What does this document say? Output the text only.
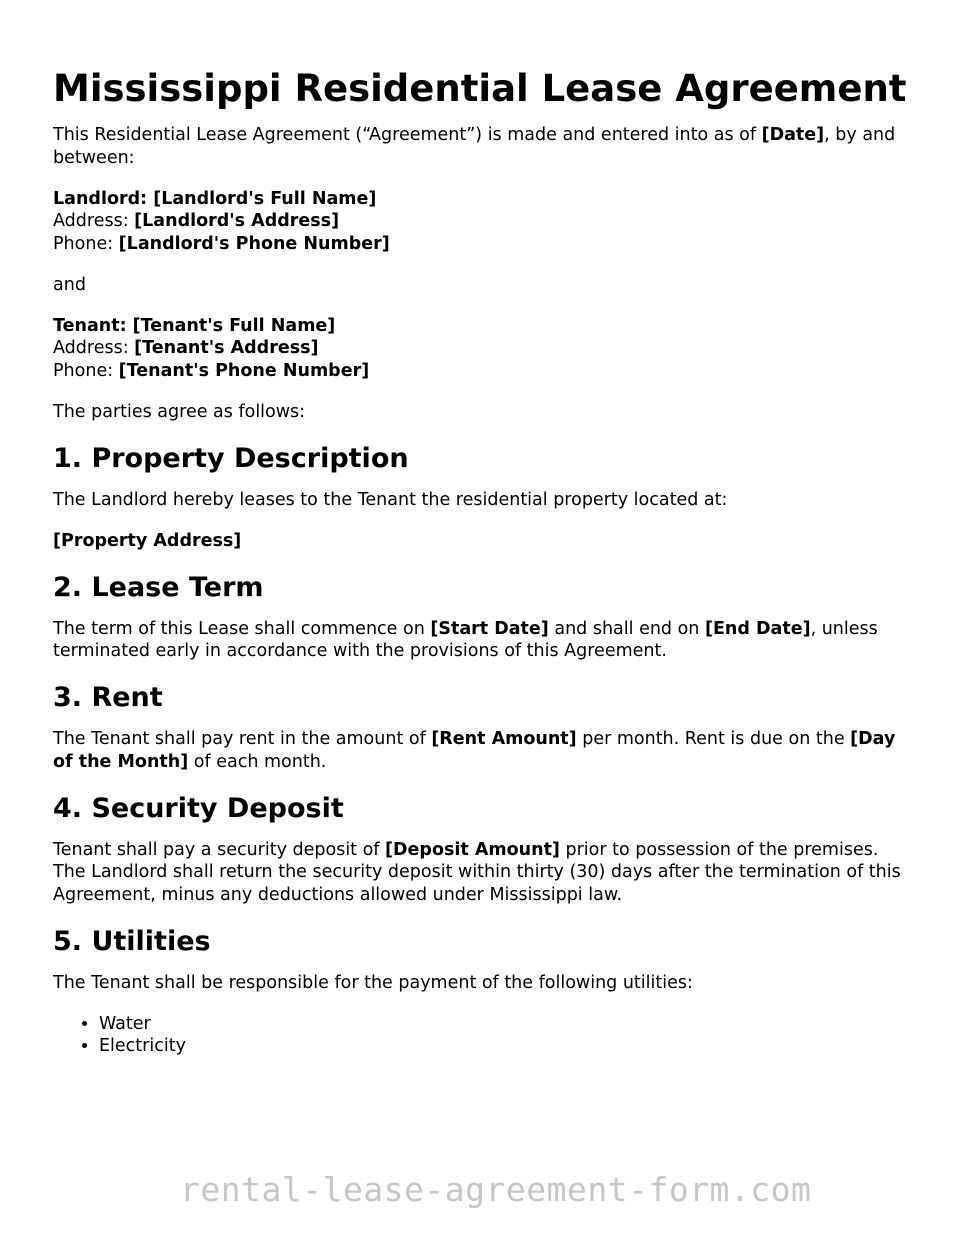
Mississippi Residential Lease Agreement

This Residential Lease Agreement (“Agreement”) is made and entered into as of [Date], by and between:

Landlord: [Landlord's Full Name]
Address: [Landlord's Address]
Phone: [Landlord's Phone Number]

and

Tenant: [Tenant's Full Name]
Address: [Tenant's Address]
Phone: [Tenant's Phone Number]

The parties agree as follows:

1. Property Description

The Landlord hereby leases to the Tenant the residential property located at:

[Property Address]

2. Lease Term

The term of this Lease shall commence on [Start Date] and shall end on [End Date], unless terminated early in accordance with the provisions of this Agreement.

3. Rent

The Tenant shall pay rent in the amount of [Rent Amount] per month. Rent is due on the [Day of the Month] of each month.

4. Security Deposit

Tenant shall pay a security deposit of [Deposit Amount] prior to possession of the premises. The Landlord shall return the security deposit within thirty (30) days after the termination of this Agreement, minus any deductions allowed under Mississippi law.

5. Utilities

The Tenant shall be responsible for the payment of the following utilities:

• Water
• Electricity
rental-lease-agreement-form.com
